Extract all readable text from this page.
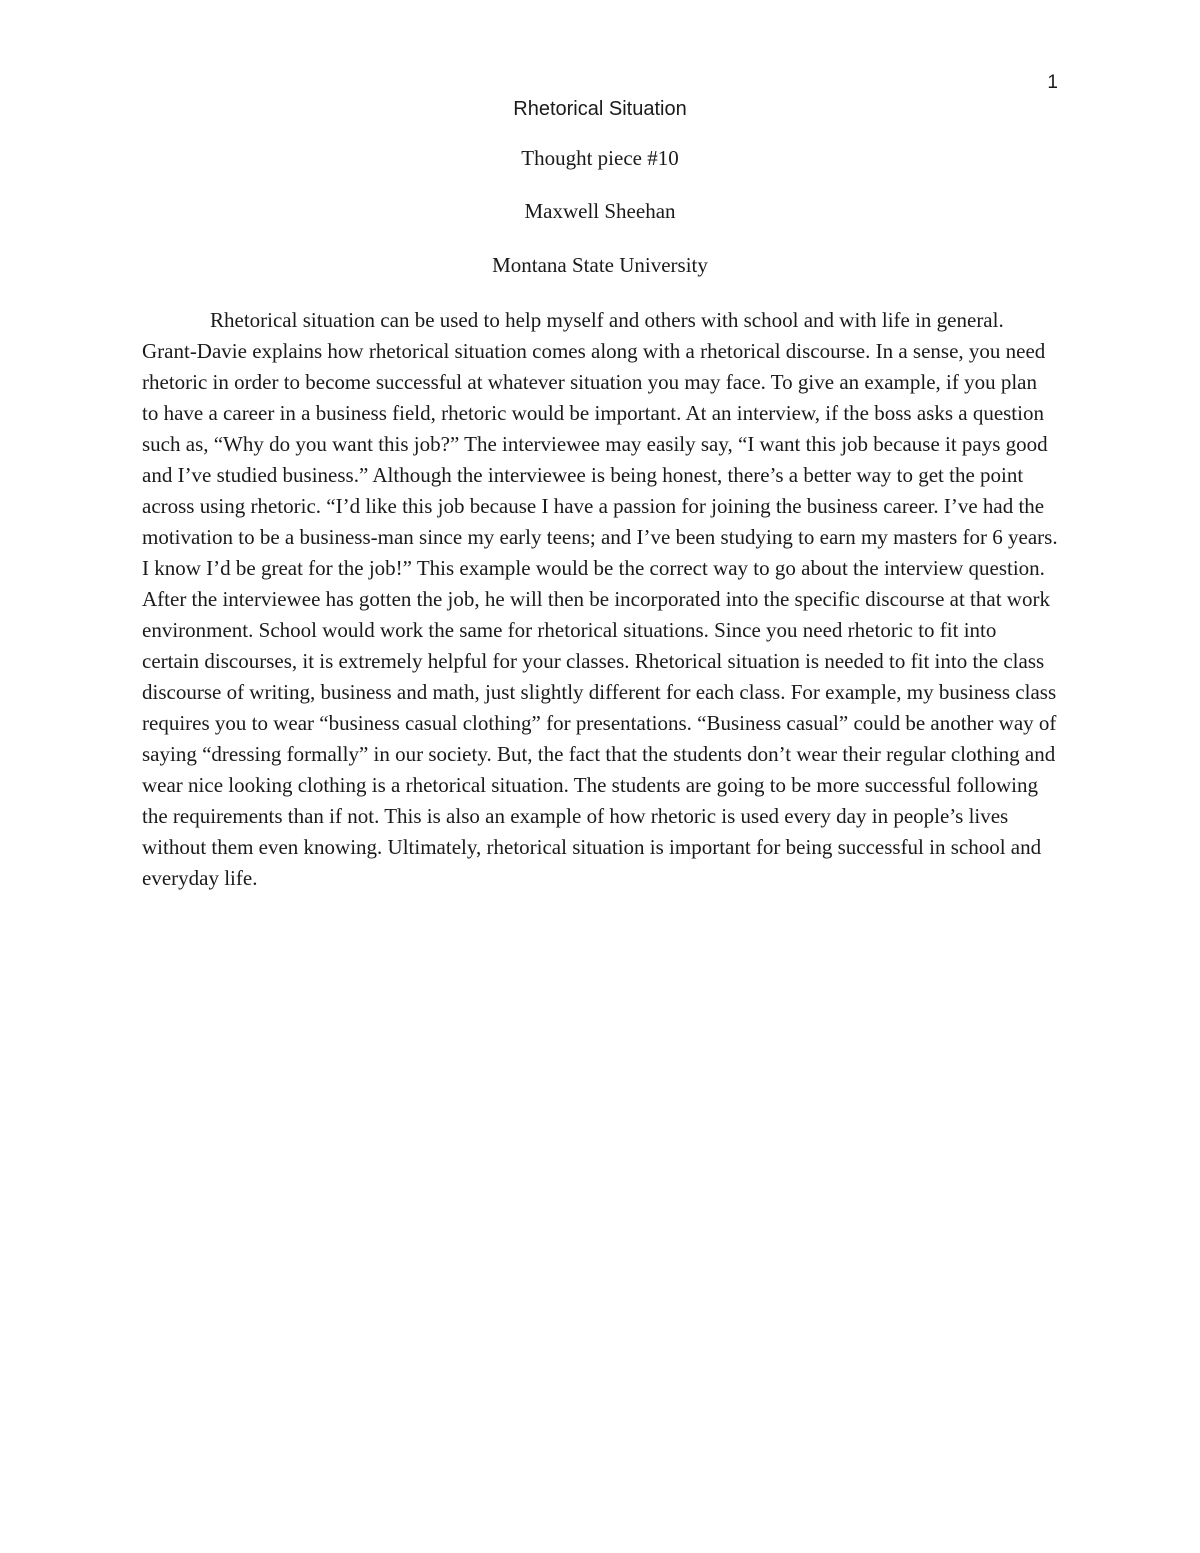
1
Rhetorical Situation
Thought piece #10
Maxwell Sheehan
Montana State University

Rhetorical situation can be used to help myself and others with school and with life in general. Grant-Davie explains how rhetorical situation comes along with a rhetorical discourse. In a sense, you need rhetoric in order to become successful at whatever situation you may face. To give an example, if you plan to have a career in a business field, rhetoric would be important. At an interview, if the boss asks a question such as, “Why do you want this job?” The interviewee may easily say, “I want this job because it pays good and I’ve studied business.” Although the interviewee is being honest, there’s a better way to get the point across using rhetoric. “I’d like this job because I have a passion for joining the business career. I’ve had the motivation to be a business-man since my early teens; and I’ve been studying to earn my masters for 6 years. I know I’d be great for the job!” This example would be the correct way to go about the interview question. After the interviewee has gotten the job, he will then be incorporated into the specific discourse at that work environment. School would work the same for rhetorical situations. Since you need rhetoric to fit into certain discourses, it is extremely helpful for your classes. Rhetorical situation is needed to fit into the class discourse of writing, business and math, just slightly different for each class. For example, my business class requires you to wear “business casual clothing” for presentations. “Business casual” could be another way of saying “dressing formally” in our society. But, the fact that the students don’t wear their regular clothing and wear nice looking clothing is a rhetorical situation. The students are going to be more successful following the requirements than if not. This is also an example of how rhetoric is used every day in people’s lives without them even knowing. Ultimately, rhetorical situation is important for being successful in school and everyday life.
